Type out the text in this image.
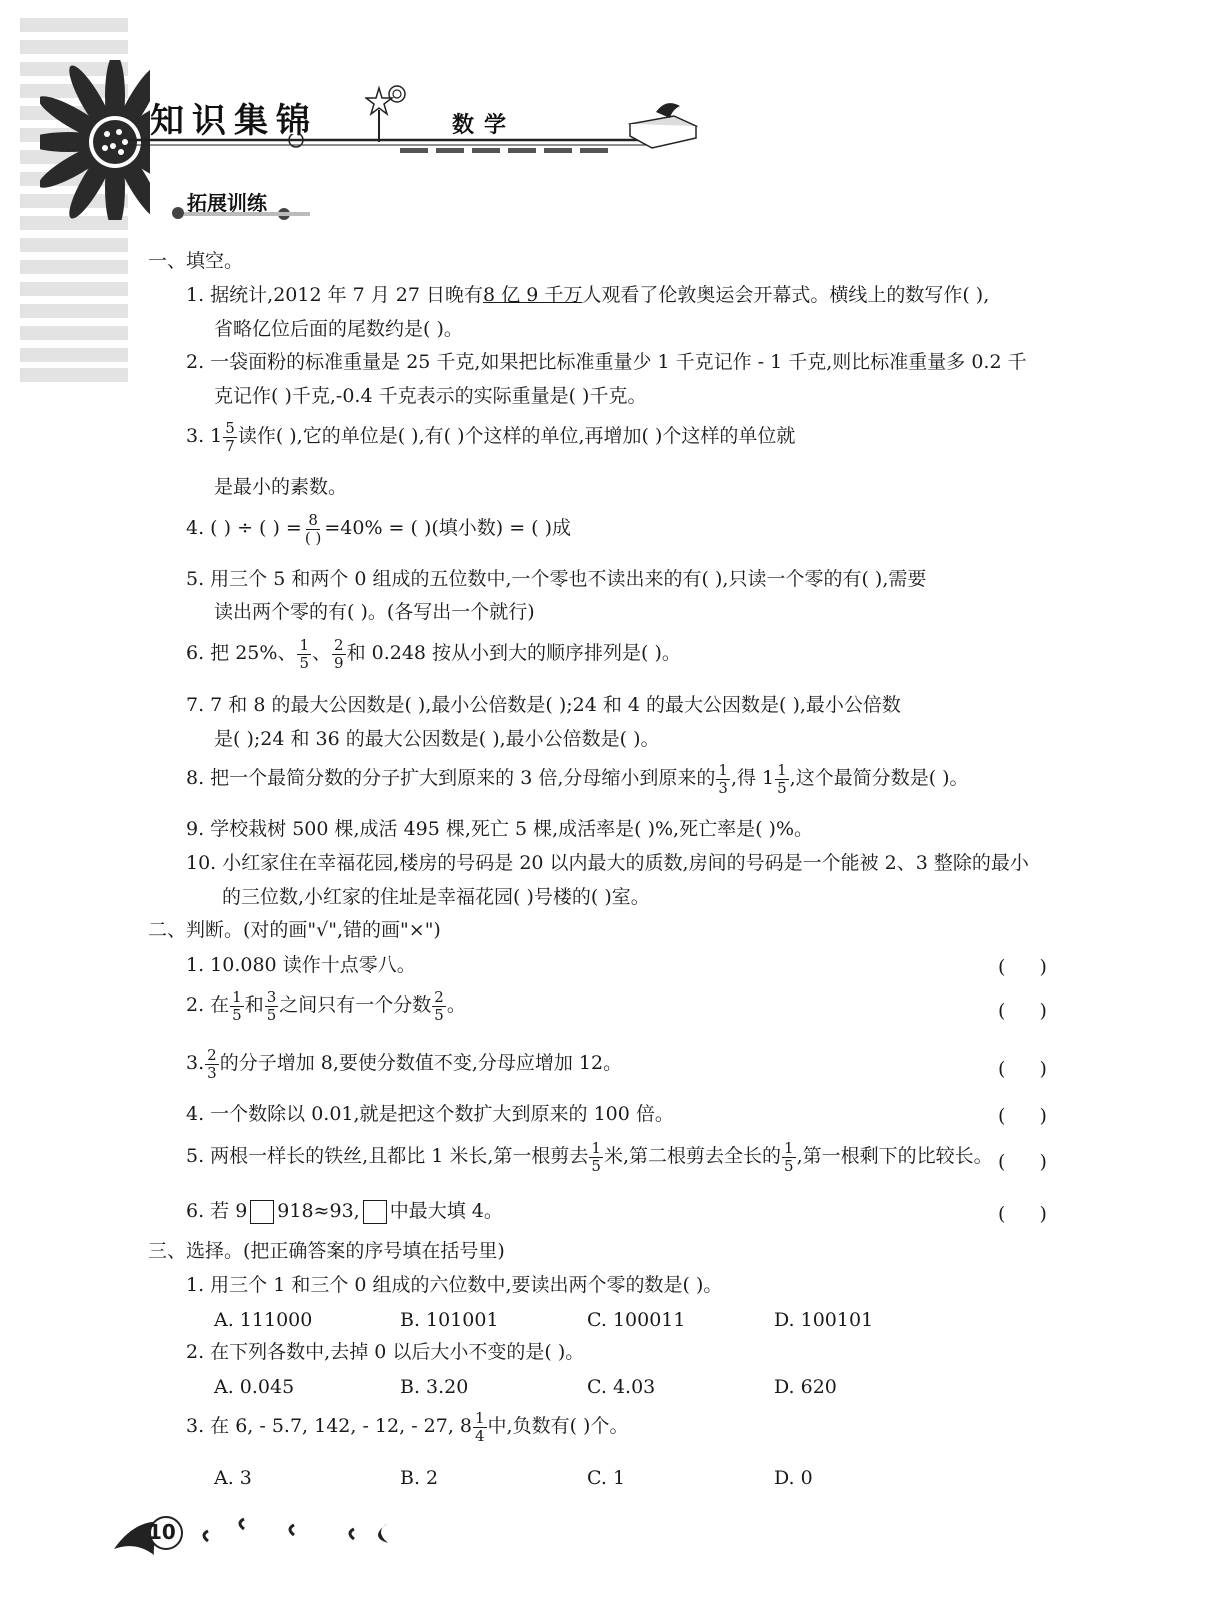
知识集锦	数学
拓展训练
一、填空。
1. 据统计,2012 年 7 月 27 日晚有8 亿 9 千万人观看了伦敦奥运会开幕式。横线上的数写作( ),
省略亿位后面的尾数约是( )。
2. 一袋面粉的标准重量是 25 千克,如果把比标准重量少 1 千克记作 - 1 千克,则比标准重量多 0.2 千
克记作( )千克,-0.4 千克表示的实际重量是( )千克。
3. $1 \frac{5}{7}$ 读作( ),它的单位是( ),有( )个这样的单位,再增加( )个这样的单位就
是最小的素数。
4. ( ) ÷ ( ) = $\frac{8}{( )} =40\%$ = ( )(填小数) = ( )成
5. 用三个 5 和两个 0 组成的五位数中,一个零也不读出来的有( ),只读一个零的有( ),需要
读出两个零的有( )。(各写出一个就行)
6. 把 25%、 $\frac{1}{5}$ 、 $\frac{2}{9}$ 和 0.248 按从小到大的顺序排列是( )。
7. 7 和 8 的最大公因数是( ),最小公倍数是( );24 和 4 的最大公因数是( ),最小公倍数
是( );24 和 36 的最大公因数是( ),最小公倍数是( )。
8. 把一个最简分数的分子扩大到原来的 3 倍,分母缩小到原来的 $\frac{1}{3}$ ,得 $1 \frac{1}{5}$ ,这个最简分数是( )。
9. 学校栽树 500 棵,成活 495 棵,死亡 5 棵,成活率是( )%,死亡率是( )%。
10. 小红家住在幸福花园,楼房的号码是 20 以内最大的质数,房间的号码是一个能被 2、3 整除的最小
的三位数,小红家的住址是幸福花园( )号楼的( )室。
二、判断。(对的画"√",错的画"×")
1. 10.080 读作十点零八。	( )
2. 在 $\frac{1}{5}$ 和 $\frac{3}{5}$ 之间只有一个分数 $\frac{2}{5}$ 。	( )
3. $\frac{2}{3}$ 的分子增加 8,要使分数值不变,分母应增加 12。	( )
4. 一个数除以 0.01,就是把这个数扩大到原来的 100 倍。	( )
5. 两根一样长的铁丝,且都比 1 米长,第一根剪去 $\frac{1}{5}$ 米,第二根剪去全长的 $\frac{1}{5}$ ,第一根剩下的比较长。 ( )
6. 若 9 918≈93, 中最大填 4。	( )
三、选择。(把正确答案的序号填在括号里)
1. 用三个 1 和三个 0 组成的六位数中,要读出两个零的数是( )。
A. 111000	B. 101001	C. 100011	D. 100101
2. 在下列各数中,去掉 0 以后大小不变的是( )。
A. 0.045	B. 3.20	C. 4.03	D. 620
3. 在 6, - 5.7, 142, - 12, - 27, $8 \frac{1}{4}$ 中,负数有( )个。
A. 3	B. 2	C. 1	D. 0
10
